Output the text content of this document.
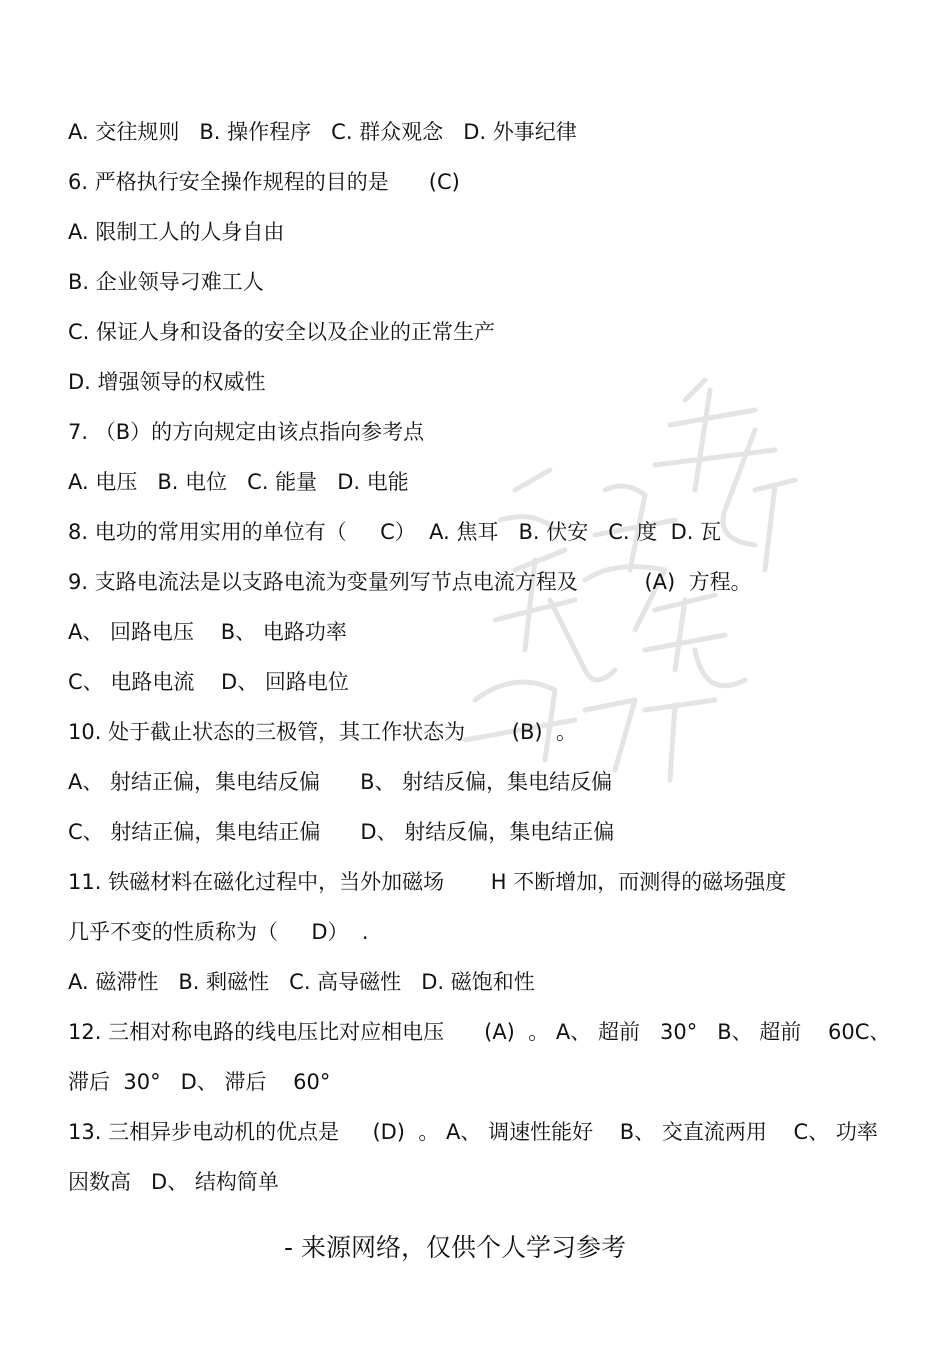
A. 交往规则   B. 操作程序   C. 群众观念   D. 外事纪律
6. 严格执行安全操作规程的目的是      (C)
A. 限制工人的人身自由
B. 企业领导刁难工人
C. 保证人身和设备的安全以及企业的正常生产
D. 增强领导的权威性
7. （B）的方向规定由该点指向参考点
A. 电压   B. 电位   C. 能量   D. 电能
8. 电功的常用实用的单位有（     C）  A. 焦耳   B. 伏安   C. 度  D. 瓦
9. 支路电流法是以支路电流为变量列写节点电流方程及          (A)  方程。
A、 回路电压    B、 电路功率
C、 电路电流    D、 回路电位
10. 处于截止状态的三极管，其工作状态为       (B)  。
A、 射结正偏，集电结反偏      B、 射结反偏，集电结反偏
C、 射结正偏，集电结正偏      D、 射结反偏，集电结正偏
11. 铁磁材料在磁化过程中，当外加磁场       H 不断增加，而测得的磁场强度
几乎不变的性质称为（     D）  .
A. 磁滞性   B. 剩磁性   C. 高导磁性   D. 磁饱和性
12. 三相对称电路的线电压比对应相电压      (A)  。 A、 超前   30°   B、 超前    60C、
滞后  30°   D、 滞后    60°
13. 三相异步电动机的优点是     (D)  。 A、 调速性能好    B、 交直流两用    C、 功率
因数高   D、 结构简单
- 来源网络，仅供个人学习参考
